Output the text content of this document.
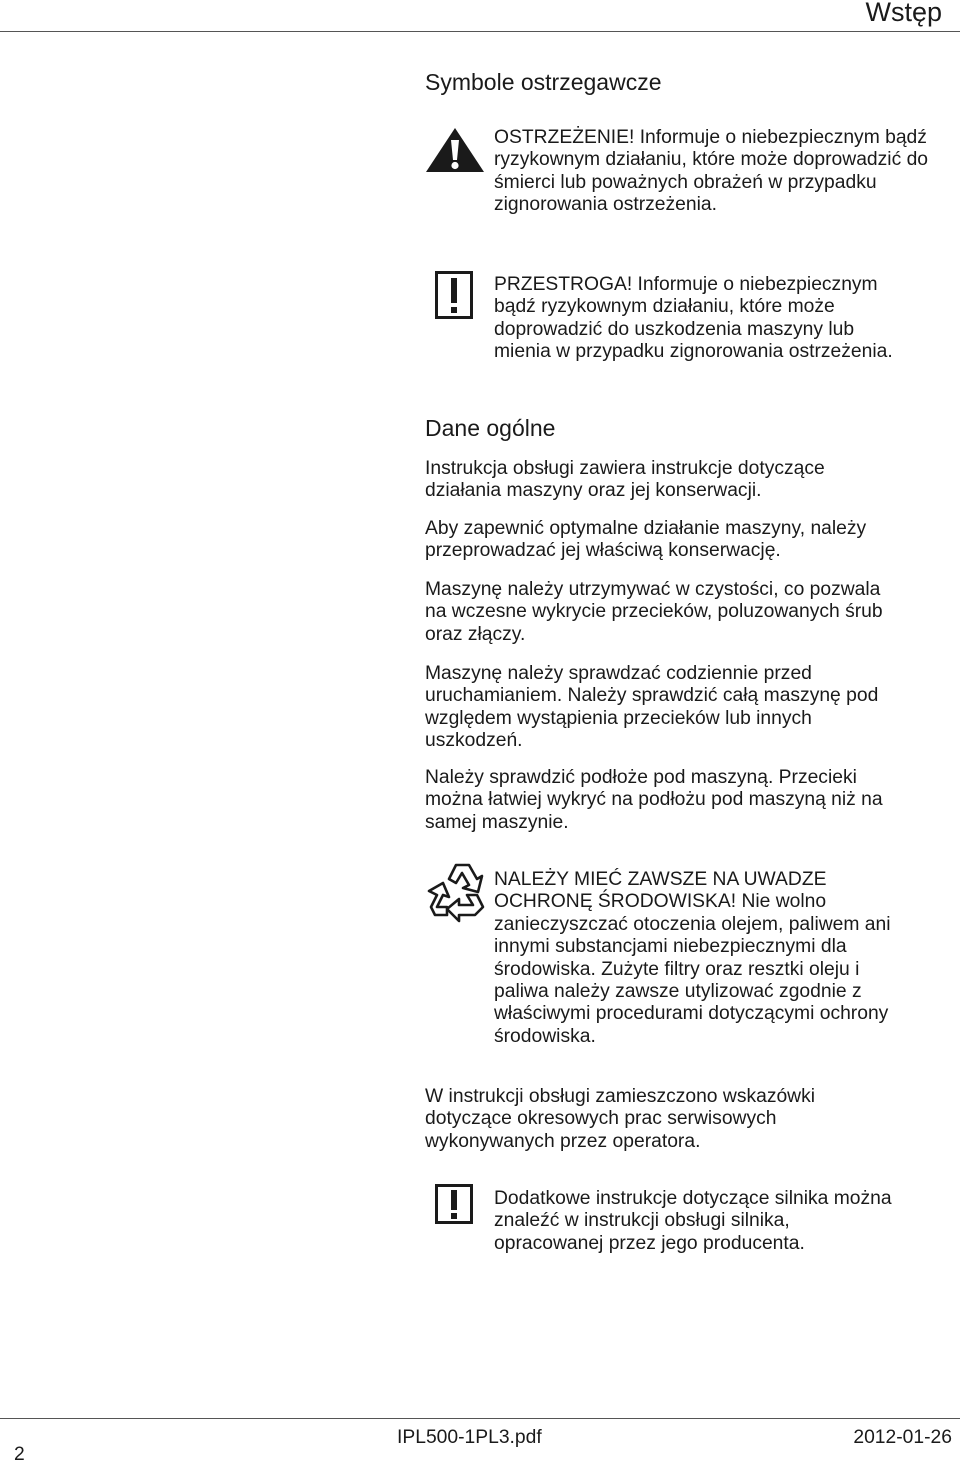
Wstęp
Symbole ostrzegawcze
OSTRZEŻENIE! Informuje o niebezpiecznym bądź
ryzykownym działaniu, które może doprowadzić do
śmierci lub poważnych obrażeń w przypadku
zignorowania ostrzeżenia.
PRZESTROGA! Informuje o niebezpiecznym
bądź ryzykownym działaniu, które może
doprowadzić do uszkodzenia maszyny lub
mienia w przypadku zignorowania ostrzeżenia.
Dane ogólne
Instrukcja obsługi zawiera instrukcje dotyczące
działania maszyny oraz jej konserwacji.
Aby zapewnić optymalne działanie maszyny, należy
przeprowadzać jej właściwą konserwację.
Maszynę należy utrzymywać w czystości, co pozwala
na wczesne wykrycie przecieków, poluzowanych śrub
oraz złączy.
Maszynę należy sprawdzać codziennie przed
uruchamianiem. Należy sprawdzić całą maszynę pod
względem wystąpienia przecieków lub innych
uszkodzeń.
Należy sprawdzić podłoże pod maszyną. Przecieki
można łatwiej wykryć na podłożu pod maszyną niż na
samej maszynie.
NALEŻY MIEĆ ZAWSZE NA UWADZE
OCHRONĘ ŚRODOWISKA! Nie wolno
zanieczyszczać otoczenia olejem, paliwem ani
innymi substancjami niebezpiecznymi dla
środowiska. Zużyte filtry oraz resztki oleju i
paliwa należy zawsze utylizować zgodnie z
właściwymi procedurami dotyczącymi ochrony
środowiska.
W instrukcji obsługi zamieszczono wskazówki
dotyczące okresowych prac serwisowych
wykonywanych przez operatora.
Dodatkowe instrukcje dotyczące silnika można
znaleźć w instrukcji obsługi silnika,
opracowanej przez jego producenta.
2
IPL500-1PL3.pdf	2012-01-26
